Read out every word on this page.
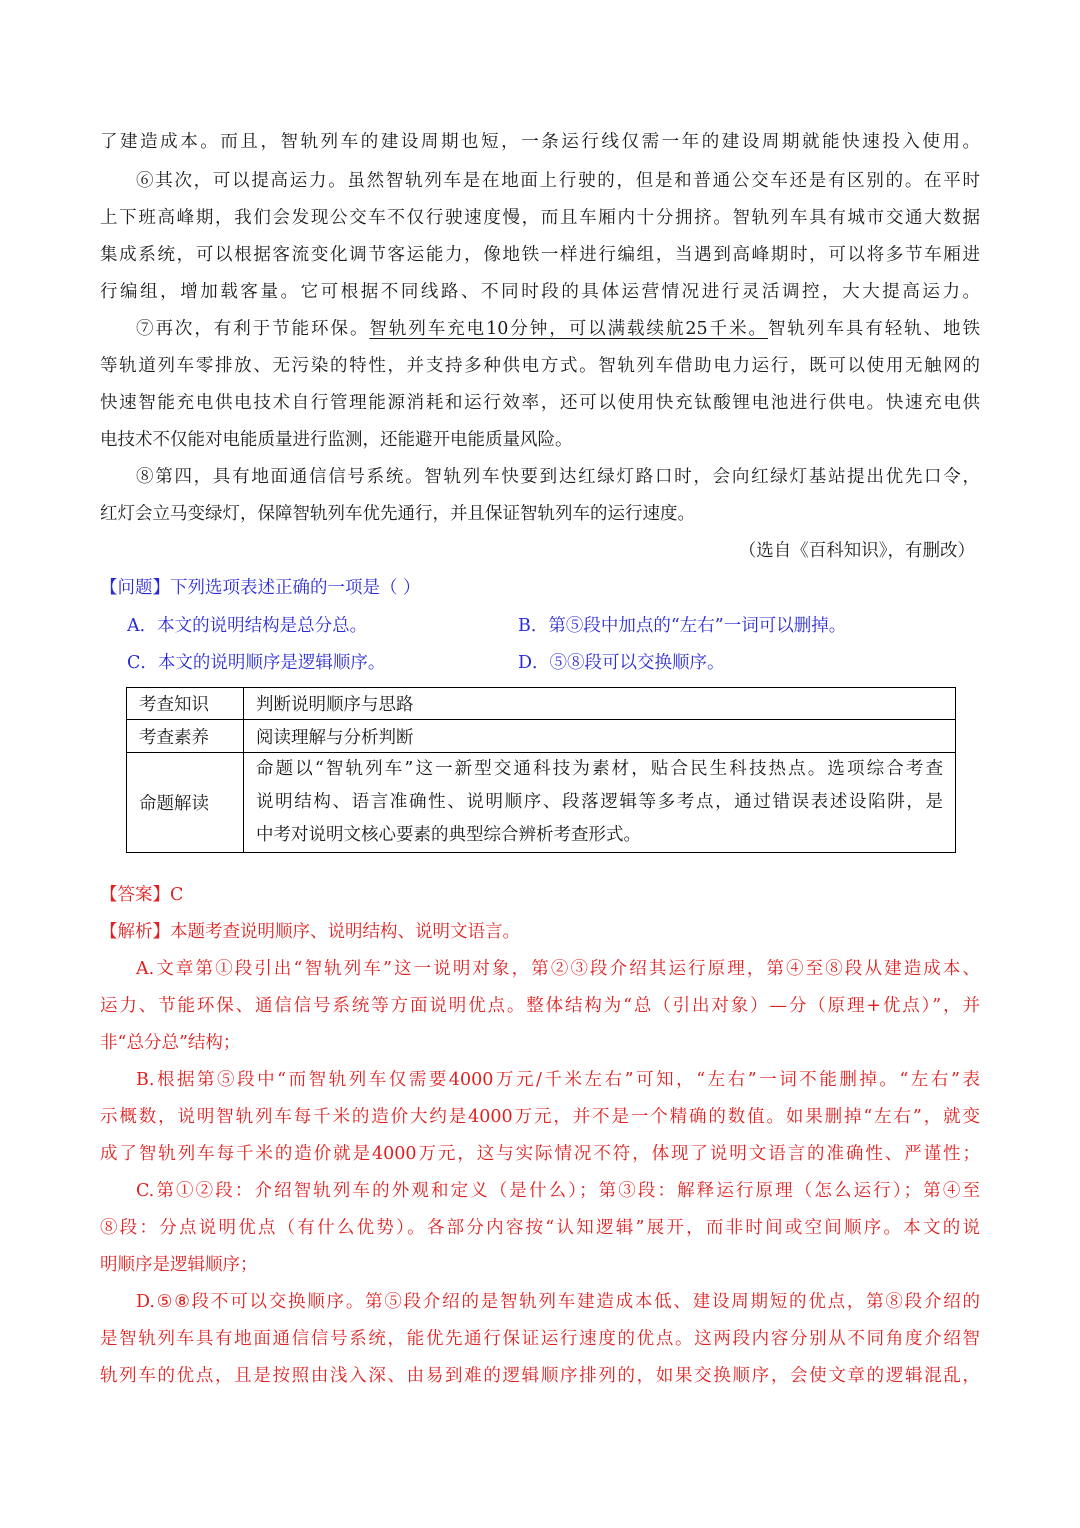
了建造成本。而且，智轨列车的建设周期也短，一条运行线仅需一年的建设周期就能快速投入使用。
⑥其次，可以提高运力。虽然智轨列车是在地面上行驶的，但是和普通公交车还是有区别的。在平时
上下班高峰期，我们会发现公交车不仅行驶速度慢，而且车厢内十分拥挤。智轨列车具有城市交通大数据
集成系统，可以根据客流变化调节客运能力，像地铁一样进行编组，当遇到高峰期时，可以将多节车厢进
行编组，增加载客量。它可根据不同线路、不同时段的具体运营情况进行灵活调控，大大提高运力。
⑦再次，有利于节能环保。智轨列车充电10分钟，可以满载续航25千米。智轨列车具有轻轨、地铁
等轨道列车零排放、无污染的特性，并支持多种供电方式。智轨列车借助电力运行，既可以使用无触网的
快速智能充电供电技术自行管理能源消耗和运行效率，还可以使用快充钛酸锂电池进行供电。快速充电供
电技术不仅能对电能质量进行监测，还能避开电能质量风险。
⑧第四，具有地面通信信号系统。智轨列车快要到达红绿灯路口时，会向红绿灯基站提出优先口令，
红灯会立马变绿灯，保障智轨列车优先通行，并且保证智轨列车的运行速度。
（选自《百科知识》，有删改）
【问题】下列选项表述正确的一项是（ ）
A．本文的说明结构是总分总。	B．第⑤段中加点的“左右”一词可以删掉。
C．本文的说明顺序是逻辑顺序。	D．⑤⑧段可以交换顺序。
考查知识	判断说明顺序与思路
考查素养	阅读理解与分析判断
命题解读	命题以“智轨列车”这一新型交通科技为素材，贴合民生科技热点。选项综合考查
说明结构、语言准确性、说明顺序、段落逻辑等多考点，通过错误表述设陷阱，是
中考对说明文核心要素的典型综合辨析考查形式。
【答案】C
【解析】本题考查说明顺序、说明结构、说明文语言。
A.文章第①段引出“智轨列车”这一说明对象，第②③段介绍其运行原理，第④至⑧段从建造成本、
运力、节能环保、通信信号系统等方面说明优点。整体结构为“总（引出对象）—分（原理+优点）”，并
非“总分总”结构；
B.根据第⑤段中“而智轨列车仅需要4000万元/千米左右”可知，“左右”一词不能删掉。“左右”表
示概数，说明智轨列车每千米的造价大约是4000万元，并不是一个精确的数值。如果删掉“左右”，就变
成了智轨列车每千米的造价就是4000万元，这与实际情况不符，体现了说明文语言的准确性、严谨性；
C.第①②段：介绍智轨列车的外观和定义（是什么）；第③段：解释运行原理（怎么运行）；第④至
⑧段：分点说明优点（有什么优势）。各部分内容按“认知逻辑”展开，而非时间或空间顺序。本文的说
明顺序是逻辑顺序；
D.⑤⑧段不可以交换顺序。第⑤段介绍的是智轨列车建造成本低、建设周期短的优点，第⑧段介绍的
是智轨列车具有地面通信信号系统，能优先通行保证运行速度的优点。这两段内容分别从不同角度介绍智
轨列车的优点，且是按照由浅入深、由易到难的逻辑顺序排列的，如果交换顺序，会使文章的逻辑混乱，
